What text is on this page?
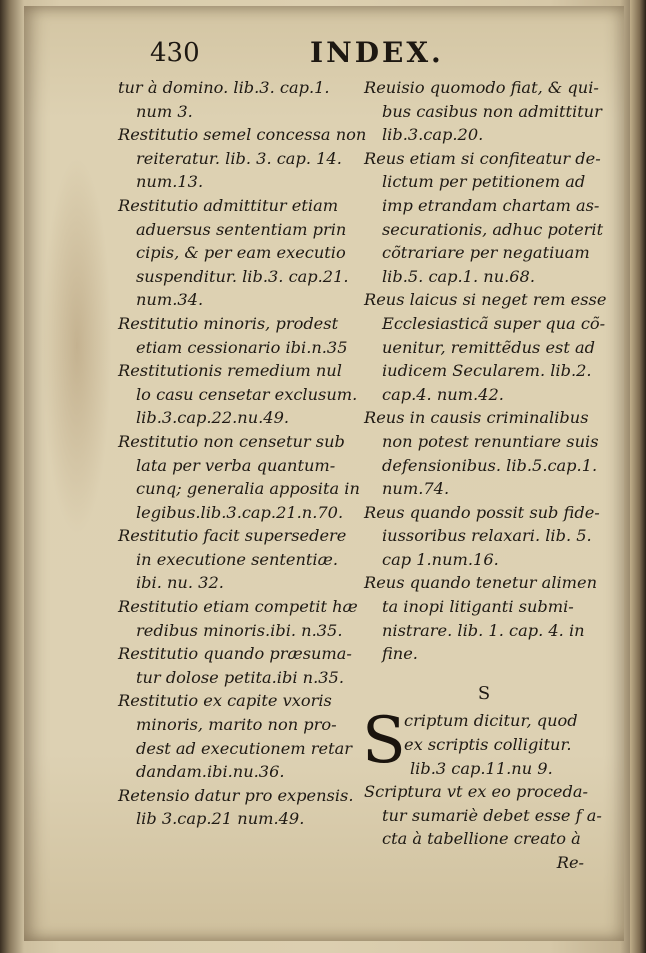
430	INDEX.
tur à domino. lib.3. cap.1.
num 3.
Restitutio semel concessa non
reiteratur. lib. 3. cap. 14.
num.13.
Restitutio admittitur etiam
aduersus sententiam prin
cipis, & per eam executio
suspenditur. lib.3. cap.21.
num.34.
Restitutio minoris, prodest
etiam cessionario ibi.n.35
Restitutionis remedium nul
lo casu censetar exclusum.
lib.3.cap.22.nu.49.
Restitutio non censetur sub
lata per verba quantum-
cunq; generalia apposita in
legibus.lib.3.cap.21.n.70.
Restitutio facit supersedere
in executione sententiæ.
ibi. nu. 32.
Restitutio etiam competit hæ
redibus minoris.ibi. n.35.
Restitutio quando præsuma-
tur dolose petita.ibi n.35.
Restitutio ex capite vxoris
minoris, marito non pro-
dest ad executionem retar
dandam.ibi.nu.36.
Retensio datur pro expensis.
lib 3.cap.21 num.49.
Reuisio quomodo fiat, & qui-
bus casibus non admittitur
lib.3.cap.20.
Reus etiam si confiteatur de-
lictum per petitionem ad
imp etrandam chartam as-
securationis, adhuc poterit
cõtrariare per negatiuam
lib.5. cap.1. nu.68.
Reus laicus si neget rem esse
Ecclesiasticã super qua cõ-
uenitur, remittẽdus est ad
iudicem Secularem. lib.2.
cap.4. num.42.
Reus in causis criminalibus
non potest renuntiare suis
defensionibus. lib.5.cap.1.
num.74.
Reus quando possit sub fide-
iussoribus relaxari. lib. 5.
cap 1.num.16.
Reus quando tenetur alimen
ta inopi litiganti submi-
nistrare. lib. 1. cap. 4. in
fine.
S
S
criptum dicitur, quod
ex scriptis colligitur.
lib.3 cap.11.nu 9.
Scriptura vt ex eo proceda-
tur sumariè debet esse f a-
cta à tabellione creato à
Re-
